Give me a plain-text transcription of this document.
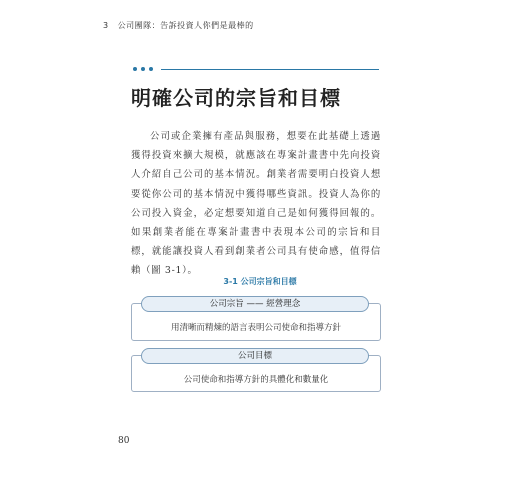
3 公司團隊：告訴投資人你們是最棒的
明確公司的宗旨和目標

公司或企業擁有產品與服務，想要在此基礎上透過獲得投資來擴大規模，就應該在專案計畫書中先向投資人介紹自己公司的基本情況。創業者需要明白投資人想要從你公司的基本情況中獲得哪些資訊。投資人為你的公司投入資金，必定想要知道自己是如何獲得回報的。如果創業者能在專案計畫書中表現本公司的宗旨和目標，就能讓投資人看到創業者公司具有使命感，值得信賴（圖 3-1）。

3-1 公司宗旨和目標
公司宗旨 —— 經營理念
用清晰而精煉的語言表明公司使命和指導方針
公司目標
公司使命和指導方針的具體化和數量化
80
